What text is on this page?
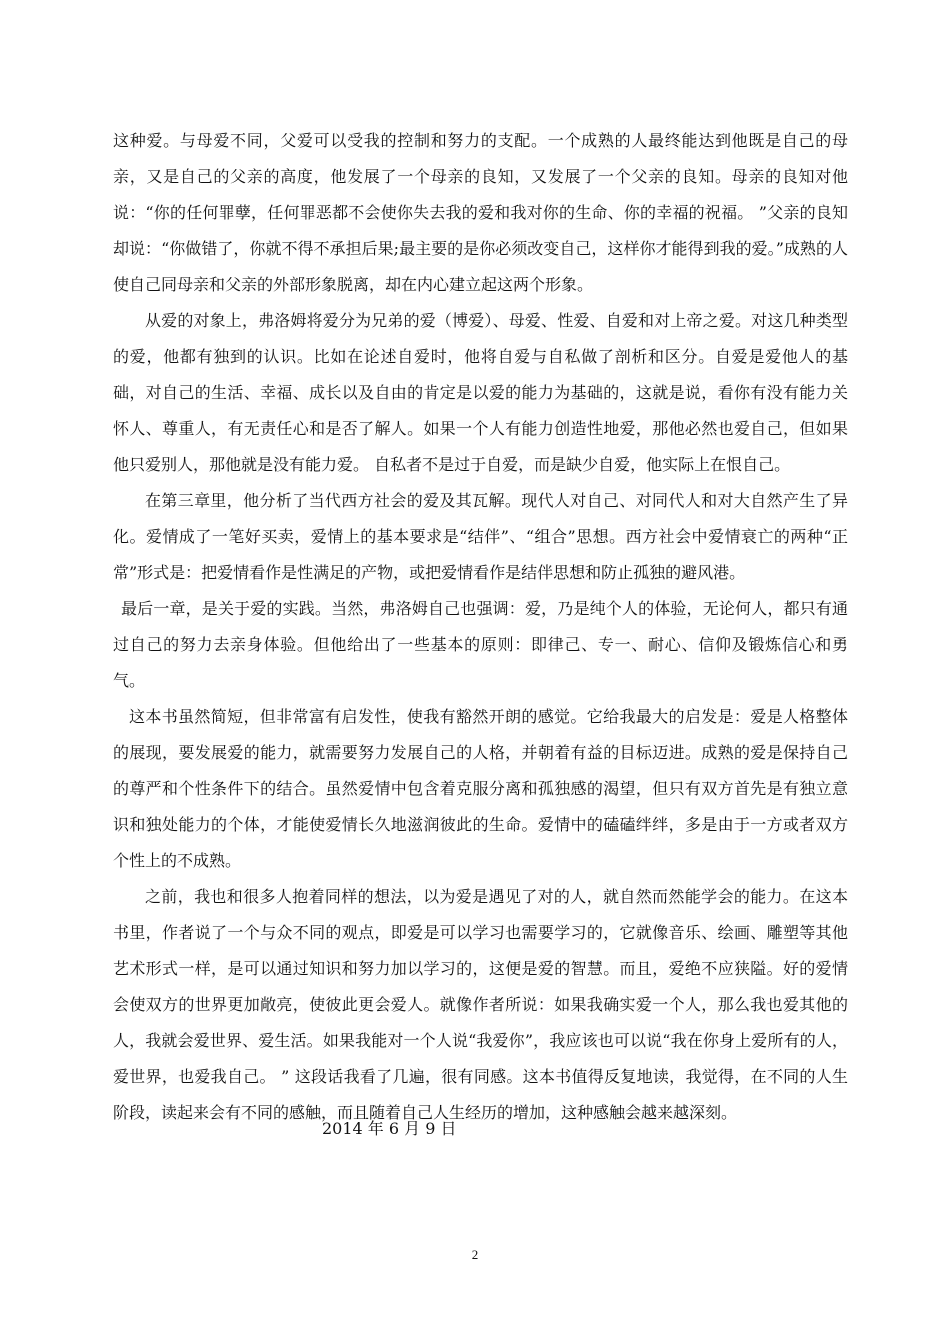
这种爱。与母爱不同，父爱可以受我的控制和努力的支配。一个成熟的人最终能达到他既是自己的母亲，又是自己的父亲的高度，他发展了一个母亲的良知，又发展了一个父亲的良知。母亲的良知对他说：“你的任何罪孽，任何罪恶都不会使你失去我的爱和我对你的生命、你的幸福的祝福。 ”父亲的良知却说：“你做错了，你就不得不承担后果;最主要的是你必须改变自己，这样你才能得到我的爱。”成熟的人使自己同母亲和父亲的外部形象脱离，却在内心建立起这两个形象。

从爱的对象上，弗洛姆将爱分为兄弟的爱（博爱）、母爱、性爱、自爱和对上帝之爱。对这几种类型的爱，他都有独到的认识。比如在论述自爱时，他将自爱与自私做了剖析和区分。自爱是爱他人的基础，对自己的生活、幸福、成长以及自由的肯定是以爱的能力为基础的，这就是说，看你有没有能力关怀人、尊重人，有无责任心和是否了解人。如果一个人有能力创造性地爱，那他必然也爱自己，但如果他只爱别人，那他就是没有能力爱。 自私者不是过于自爱，而是缺少自爱，他实际上在恨自己。

在第三章里，他分析了当代西方社会的爱及其瓦解。现代人对自己、对同代人和对大自然产生了异化。爱情成了一笔好买卖，爱情上的基本要求是“结伴”、“组合”思想。西方社会中爱情衰亡的两种“正常”形式是：把爱情看作是性满足的产物，或把爱情看作是结伴思想和防止孤独的避风港。

最后一章，是关于爱的实践。当然，弗洛姆自己也强调：爱，乃是纯个人的体验，无论何人，都只有通过自己的努力去亲身体验。但他给出了一些基本的原则：即律己、专一、耐心、信仰及锻炼信心和勇气。

这本书虽然简短，但非常富有启发性，使我有豁然开朗的感觉。它给我最大的启发是：爱是人格整体的展现，要发展爱的能力，就需要努力发展自己的人格，并朝着有益的目标迈进。成熟的爱是保持自己的尊严和个性条件下的结合。虽然爱情中包含着克服分离和孤独感的渴望，但只有双方首先是有独立意识和独处能力的个体，才能使爱情长久地滋润彼此的生命。爱情中的磕磕绊绊，多是由于一方或者双方个性上的不成熟。

之前，我也和很多人抱着同样的想法，以为爱是遇见了对的人，就自然而然能学会的能力。在这本书里，作者说了一个与众不同的观点，即爱是可以学习也需要学习的，它就像音乐、绘画、雕塑等其他艺术形式一样，是可以通过知识和努力加以学习的，这便是爱的智慧。而且，爱绝不应狭隘。好的爱情会使双方的世界更加敞亮，使彼此更会爱人。就像作者所说：如果我确实爱一个人，那么我也爱其他的人，我就会爱世界、爱生活。如果我能对一个人说“我爱你”，我应该也可以说“我在你身上爱所有的人，爱世界，也爱我自己。 ” 这段话我看了几遍，很有同感。这本书值得反复地读，我觉得，在不同的人生阶段，读起来会有不同的感触，而且随着自己人生经历的增加，这种感触会越来越深刻。

2014 年 6 月 9 日
2
